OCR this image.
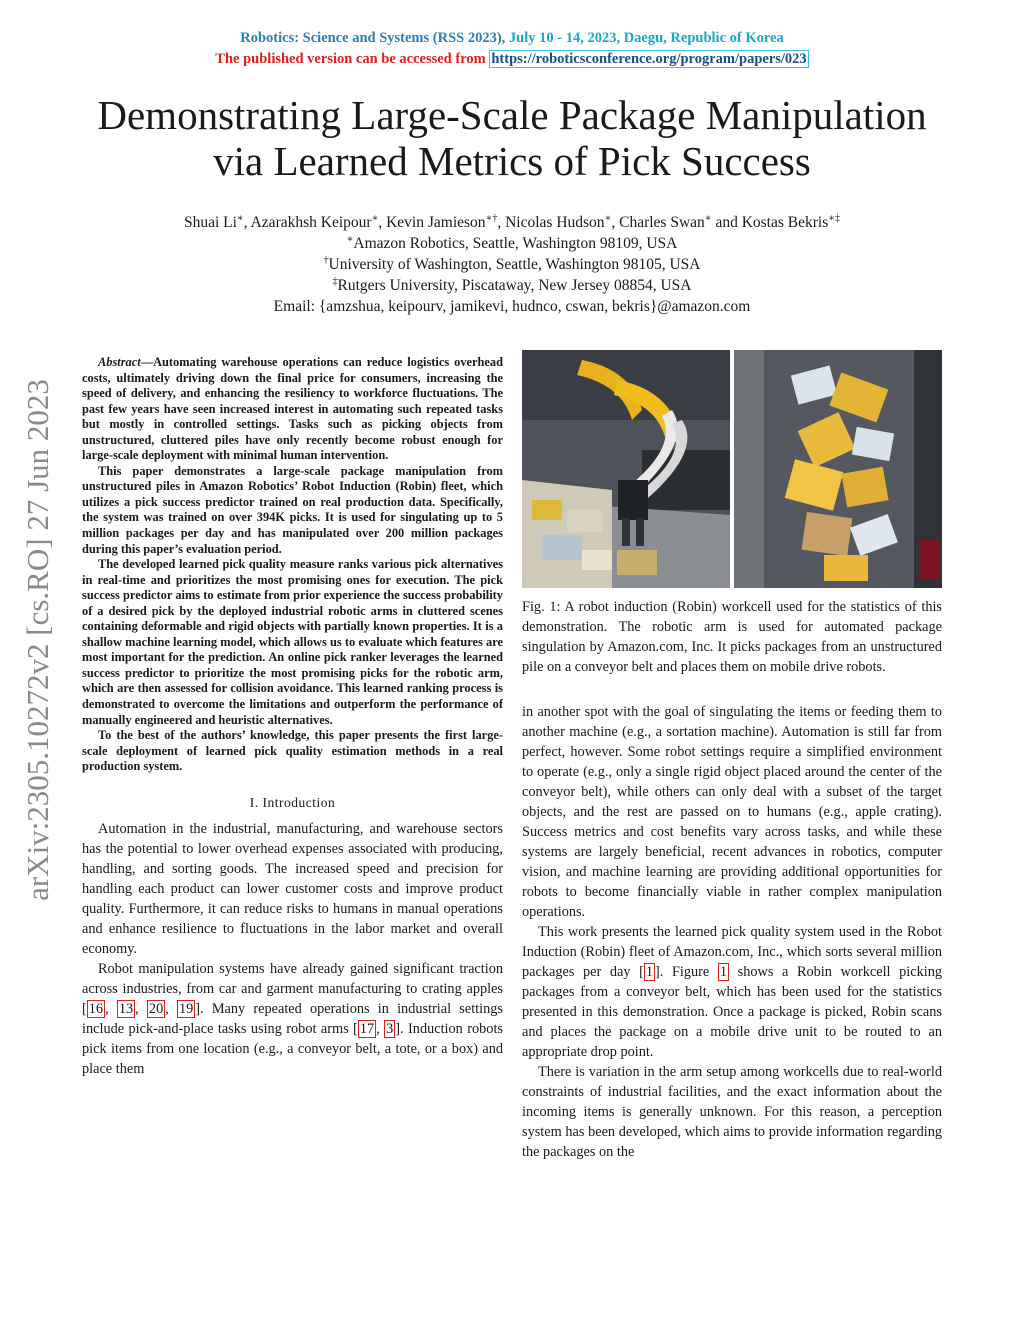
Robotics: Science and Systems (RSS 2023), July 10 - 14, 2023, Daegu, Republic of Korea
The published version can be accessed from https://roboticsconference.org/program/papers/023
Demonstrating Large-Scale Package Manipulation
via Learned Metrics of Pick Success
Shuai Li∗, Azarakhsh Keipour∗, Kevin Jamieson∗†, Nicolas Hudson∗, Charles Swan∗ and Kostas Bekris∗‡
∗Amazon Robotics, Seattle, Washington 98109, USA
†University of Washington, Seattle, Washington 98105, USA
‡Rutgers University, Piscataway, New Jersey 08854, USA
Email: {amzshua, keipourv, jamikevi, hudnco, cswan, bekris}@amazon.com
arXiv:2305.10272v2 [cs.RO] 27 Jun 2023

Abstract—Automating warehouse operations can reduce logistics overhead costs, ultimately driving down the final price for consumers, increasing the speed of delivery, and enhancing the resiliency to workforce fluctuations. The past few years have seen increased interest in automating such repeated tasks but mostly in controlled settings. Tasks such as picking objects from unstructured, cluttered piles have only recently become robust enough for large-scale deployment with minimal human intervention.

This paper demonstrates a large-scale package manipulation from unstructured piles in Amazon Robotics’ Robot Induction (Robin) fleet, which utilizes a pick success predictor trained on real production data. Specifically, the system was trained on over 394K picks. It is used for singulating up to 5 million packages per day and has manipulated over 200 million packages during this paper’s evaluation period.

The developed learned pick quality measure ranks various pick alternatives in real-time and prioritizes the most promising ones for execution. The pick success predictor aims to estimate from prior experience the success probability of a desired pick by the deployed industrial robotic arms in cluttered scenes containing deformable and rigid objects with partially known properties. It is a shallow machine learning model, which allows us to evaluate which features are most important for the prediction. An online pick ranker leverages the learned success predictor to prioritize the most promising picks for the robotic arm, which are then assessed for collision avoidance. This learned ranking process is demonstrated to overcome the limitations and outperform the performance of manually engineered and heuristic alternatives.

To the best of the authors’ knowledge, this paper presents the first large-scale deployment of learned pick quality estimation methods in a real production system.

I. Introduction

Automation in the industrial, manufacturing, and warehouse sectors has the potential to lower overhead expenses associated with producing, handling, and sorting goods. The increased speed and precision for handling each product can lower customer costs and improve product quality. Furthermore, it can reduce risks to humans in manual operations and enhance resilience to fluctuations in the labor market and overall economy.

Robot manipulation systems have already gained significant traction across industries, from car and garment manufacturing to crating apples [ 16 , 13 , 20 , 19 ]. Many repeated operations in industrial settings include pick-and-place tasks using robot arms [ 17 , 3 ]. Induction robots pick items from one location (e.g., a conveyor belt, a tote, or a box) and place them

Fig. 1: A robot induction (Robin) workcell used for the statistics of this demonstration. The robotic arm is used for automated package singulation by Amazon.com, Inc. It picks packages from an unstructured pile on a conveyor belt and places them on mobile drive robots.

in another spot with the goal of singulating the items or feeding them to another machine (e.g., a sortation machine). Automation is still far from perfect, however. Some robot settings require a simplified environment to operate (e.g., only a single rigid object placed around the center of the conveyor belt), while others can only deal with a subset of the target objects, and the rest are passed on to humans (e.g., apple crating). Success metrics and cost benefits vary across tasks, and while these systems are largely beneficial, recent advances in robotics, computer vision, and machine learning are providing additional opportunities for robots to become financially viable in rather complex manipulation operations.

This work presents the learned pick quality system used in the Robot Induction (Robin) fleet of Amazon.com, Inc., which sorts several million packages per day [ 1 ]. Figure 1 shows a Robin workcell picking packages from a conveyor belt, which has been used for the statistics presented in this demonstration. Once a package is picked, Robin scans and places the package on a mobile drive unit to be routed to an appropriate drop point.

There is variation in the arm setup among workcells due to real-world constraints of industrial facilities, and the exact information about the incoming items is generally unknown. For this reason, a perception system has been developed, which aims to provide information regarding the packages on the
